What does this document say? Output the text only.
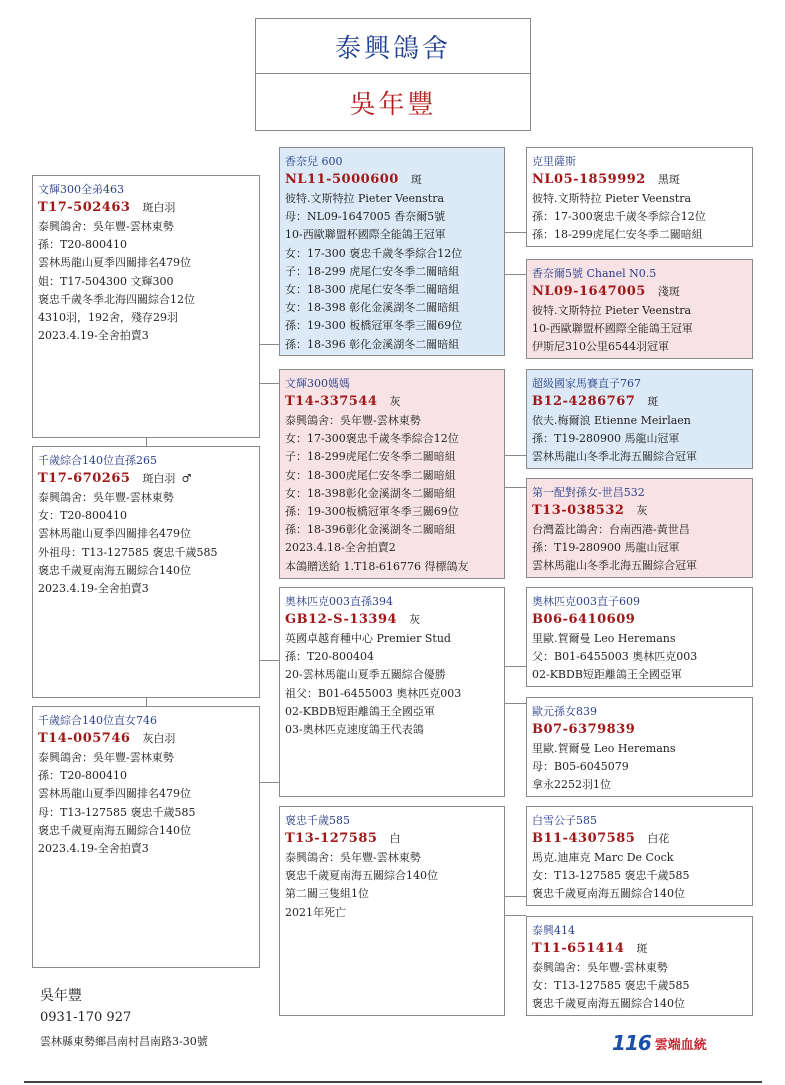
泰興鴿舍
吳年豐
文輝300全弟463
T17-502463 斑白羽
泰興鴿舍：吳年豐-雲林東勢
孫：T20-800410
雲林馬龍山夏季四關排名479位
姐：T17-504300 文輝300
褒忠千歲冬季北海四關綜合12位
4310羽，192舍，殘存29羽
2023.4.19-全舍拍賣3
千歲綜合140位直孫265
T17-670265 斑白羽 ♂
泰興鴿舍：吳年豐-雲林東勢
女：T20-800410
雲林馬龍山夏季四關排名479位
外祖母：T13-127585 褒忠千歲585
褒忠千歲夏南海五關綜合140位
2023.4.19-全舍拍賣3
千歲綜合140位直女746
T14-005746 灰白羽
泰興鴿舍：吳年豐-雲林東勢
孫：T20-800410
雲林馬龍山夏季四關排名479位
母：T13-127585 褒忠千歲585
褒忠千歲夏南海五關綜合140位
2023.4.19-全舍拍賣3
香奈兒 600
NL11-5000600 斑
彼特.文斯特拉 Pieter Veenstra
母：NL09-1647005 香奈爾5號
10-西歐聯盟杯國際全能鴿王冠軍
女：17-300 褒忠千歲冬季綜合12位
子：18-299 虎尾仁安冬季二關暗組
女：18-300 虎尾仁安冬季二關暗組
女：18-398 彰化金溪湖冬二關暗組
孫：19-300 板橋冠軍冬季三關69位
孫：18-396 彰化金溪湖冬二關暗組
文輝300媽媽
T14-337544 灰
泰興鴿舍：吳年豐-雲林東勢
女：17-300褒忠千歲冬季綜合12位
子：18-299虎尾仁安冬季二關暗組
女：18-300虎尾仁安冬季二關暗組
女：18-398彰化金溪湖冬二關暗組
孫：19-300板橋冠軍冬季三關69位
孫：18-396彰化金溪湖冬二關暗組
2023.4.18-全舍拍賣2
本鴿贈送給 1.T18-616776 得標鴿友
奧林匹克003直孫394
GB12-S-13394 灰
英國卓越育種中心 Premier Stud
孫：T20-800404
20-雲林馬龍山夏季五關綜合優勝
祖父：B01-6455003 奧林匹克003
02-KBDB短距離鴿王全國亞軍
03-奧林匹克速度鴿王代表鴿
褒忠千歲585
T13-127585 白
泰興鴿舍：吳年豐-雲林東勢
褒忠千歲夏南海五關綜合140位
第二關三隻組1位
2021年死亡
克里薩斯
NL05-1859992 黑斑
彼特.文斯特拉 Pieter Veenstra
孫：17-300褒忠千歲冬季綜合12位
孫：18-299虎尾仁安冬季二關暗組
香奈爾5號 Chanel N0.5
NL09-1647005 淺斑
彼特.文斯特拉 Pieter Veenstra
10-西歐聯盟杯國際全能鴿王冠軍
伊斯尼310公里6544羽冠軍
超級國家馬賽直子767
B12-4286767 斑
依夫.梅爾浪 Etienne Meirlaen
孫：T19-280900 馬龍山冠軍
雲林馬龍山冬季北海五關綜合冠軍
第一配對孫女-世昌532
T13-038532 灰
台灣蓋比鴿舍：台南西港-黃世昌
孫：T19-280900 馬龍山冠軍
雲林馬龍山冬季北海五關綜合冠軍
奧林匹克003直子609
B06-6410609
里歐.賀爾曼 Leo Heremans
父：B01-6455003 奧林匹克003
02-KBDB短距離鴿王全國亞軍
歐元孫女839
B07-6379839
里歐.賀爾曼 Leo Heremans
母：B05-6045079
拿永2252羽1位
白雪公子585
B11-4307585 白花
馬克.迪庫克 Marc De Cock
女：T13-127585 褒忠千歲585
褒忠千歲夏南海五關綜合140位
泰興414
T11-651414 斑
泰興鴿舍：吳年豐-雲林東勢
女：T13-127585 褒忠千歲585
褒忠千歲夏南海五關綜合140位
吳年豐
0931-170 927
雲林縣東勢鄉昌南村昌南路3-30號	116 雲端血統
